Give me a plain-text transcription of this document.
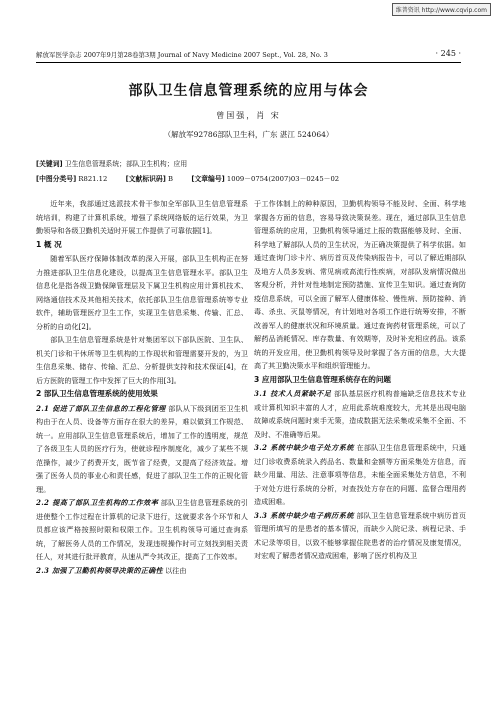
维普资讯 http://www.cqvip.com
解放军医学杂志 2007年9月第28卷第3期 Journal of Navy Medicine 2007 Sept., Vol. 28, No. 3	· 245 ·
部队卫生信息管理系统的应用与体会
曾国强，肖 宋
（解放军92786部队卫生科，广东 湛江 524064）
[关键词] 卫生信息管理系统；部队卫生机构；应用
[中图分类号] R821.12	[文献标识码] B	[文章编号] 1009－0754(2007)03－0245－02

近年来，我部通过选派技术骨干参加全军部队卫生信息管理系统培训，构建了计算机系统，增强了系统网络版的运行效果，为卫勤领导和各级卫勤机关适时开展工作提供了可靠依据[1]。

1 概 况

随着军队医疗保障体制改革的深入开展，部队卫生机构正在努力推进部队卫生信息化建设，以提高卫生信息管理水平。部队卫生信息化是指各级卫勤保障管理层及下属卫生机构应用计算机技术、网络通信技术及其他相关技术，依托部队卫生信息管理系统等专业软件，辅助管理医疗卫生工作，实现卫生信息采集、传输、汇总、分析的自动化[2]。

部队卫生信息管理系统是针对集团军以下部队医院、卫生队、机关门诊和干休所等卫生机构的工作现状和管理需要开发的，为卫生信息采集、储存、传输、汇总、分析提供支持和技术保证[4]，在后方医院的管理工作中发挥了巨大的作用[3]。

2 部队卫生信息管理系统的使用效果

2.1 促进了部队卫生信息的工程化管理 部队从下级到团至卫生机构由于在人员、设备等方面存在很大的差异，难以做到工作规范、统一。应用部队卫生信息管理系统后，增加了工作的透明度，规范了各级卫生人员的医疗行为，使就诊程序制度化，减少了某些不规范操作，减少了药费开支，既节省了经费，又提高了经济效益。增强了医务人员的事业心和责任感，促进了部队卫生工作的正规化管理。

2.2 提高了部队卫生机构的工作效率 部队卫生信息管理系统的引进使整个工作过程在计算机的记录下进行，这就要求各个环节和人员都应该严格按照时限和权限工作。卫生机构领导可通过查询系统，了解医务人员的工作情况，发现违规操作时可立刻找到相关责任人，对其进行批评教育，从速从严令其改正，提高了工作效率。

2.3 加强了卫勤机构领导决策的正确性 以往由

于工作体制上的种种原因，卫勤机构领导不能及时、全面、科学地掌握各方面的信息，容易导致决策误差。现在，通过部队卫生信息管理系统的应用，卫勤机构领导通过上报的数据能够及时、全面、科学地了解部队人员的卫生状况，为正确决策提供了科学依据。如通过查询门诊卡片、病历首页及传染病报告卡，可以了解近期部队及地方人员多发病、常见病或高流行性疾病，对部队发病情况做出客观分析，并针对性地制定预防措施、宣传卫生知识。通过查询防疫信息系统，可以全面了解军人健康体检、慢性病、预防接种、消毒、杀虫、灭鼠等情况，有计划地对各项工作进行统筹安排，不断改善军人的健康状况和环境质量。通过查询药材管理系统，可以了解药品消耗情况、库存数量、有效期等，及时补充相应药品。该系统的开发应用，使卫勤机构领导及时掌握了各方面的信息，大大提高了其卫勤决策水平和组织管理能力。

3 应用部队卫生信息管理系统存在的问题

3.1 技术人员紧缺不足 部队基层医疗机构普遍缺乏信息技术专业或计算机知识丰富的人才，应用此系统难度较大，尤其是出现电脑故障或系统问题时束手无策，造成数据无法采集或采集不全面、不及时、不准确等后果。

3.2 系统中缺少电子处方系统 在部队卫生信息管理系统中，只通过门诊收费系统录入药品名、数量和金额等方面采集处方信息，而缺少用量、用法、注意事项等信息，未能全面采集处方信息，不利于对处方进行系统的分析，对查找处方存在的问题、监督合理用药造成困难。

3.3 系统中缺少电子病历系统 部队卫生信息管理系统中病历首页管理所填写的是患者的基本情况，而缺少入院记录、病程记录、手术记录等项目，以致不能够掌握住院患者的治疗情况及康复情况，对宏观了解患者情况造成困难，影响了医疗机构及卫
